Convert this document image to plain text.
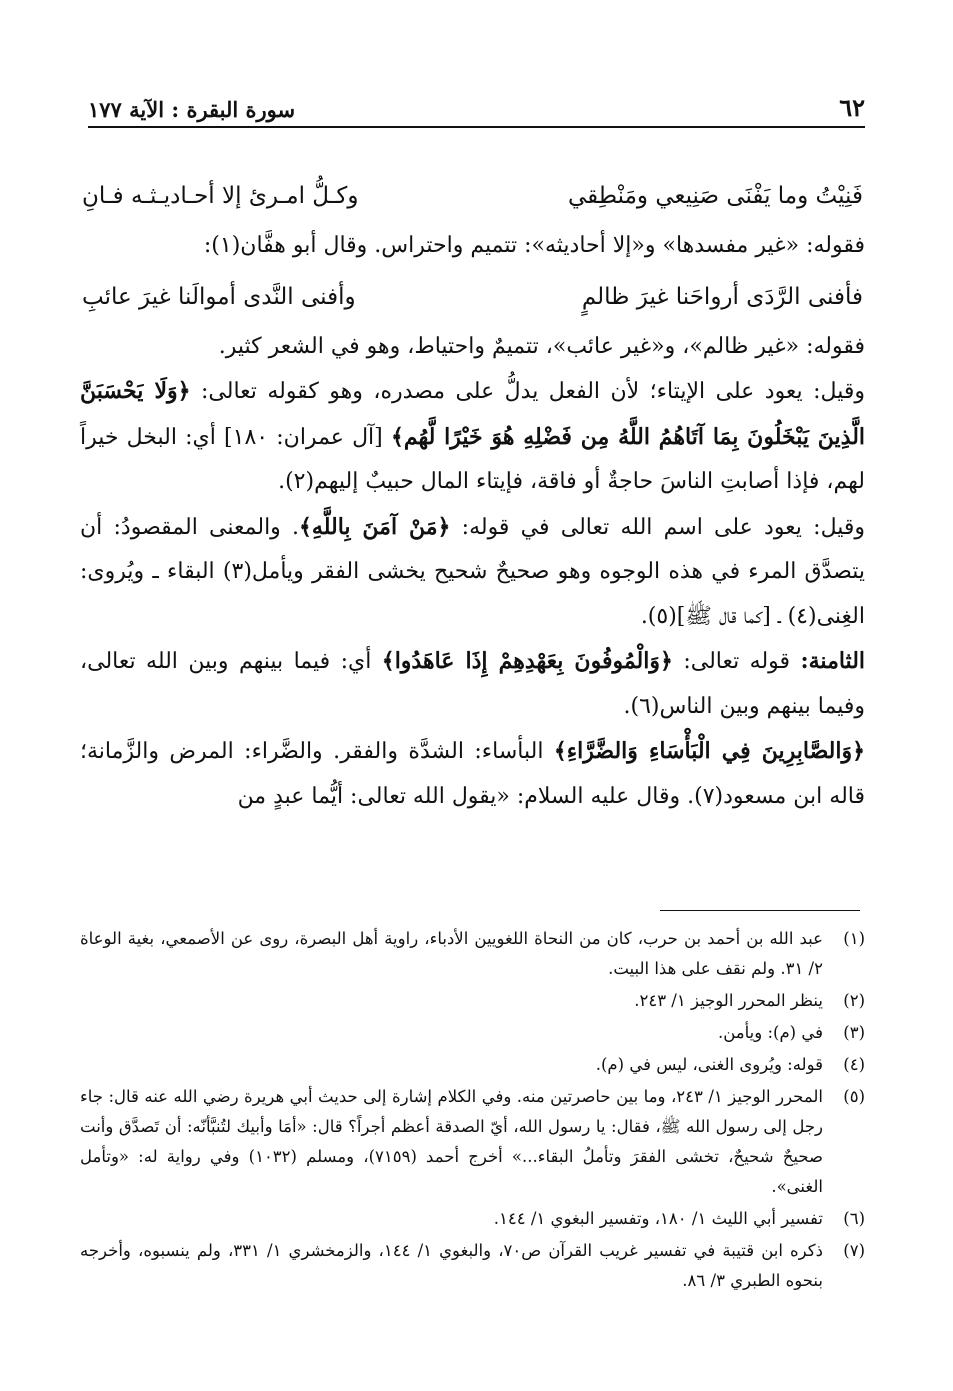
٦٢
سورة البقرة : الآية ١٧٧
فَنِيْتُ وما يَفْنَى صَنِيعي ومَنْطِقي
وكـلُّ امـرئ إلا أحـاديـثـه فـانِ

فقوله: «غير مفسدها» و«إلا أحاديثه»: تتميم واحتراس. وقال أبو هفَّان(١):

فأفنى الرَّدَى أرواحَنا غيرَ ظالمٍ
وأفنى النَّدى أموالَنا غيرَ عائبِ

فقوله: «غير ظالم»، و«غير عائب»، تتميمٌ واحتياط، وهو في الشعر كثير.

وقيل: يعود على الإيتاء؛ لأن الفعل يدلُّ على مصدره، وهو كقوله تعالى: ﴿وَلَا يَحْسَبَنَّ الَّذِينَ يَبْخَلُونَ بِمَا آتَاهُمُ اللَّهُ مِن فَضْلِهِ هُوَ خَيْرًا لَّهُم﴾ [آل عمران: ١٨٠] أي: البخل خيراً لهم، فإذا أصابتِ الناسَ حاجةٌ أو فاقة، فإيتاء المال حبيبٌ إليهم(٢).

وقيل: يعود على اسم الله تعالى في قوله: ﴿مَنْ آمَنَ بِاللَّهِ﴾. والمعنى المقصودُ: أن يتصدَّق المرء في هذه الوجوه وهو صحيحٌ شحيح يخشى الفقر ويأمل(٣) البقاء ـ ويُروى: الغِنى(٤) ـ [كما قال ﷺ](٥).

الثامنة: قوله تعالى: ﴿وَالْمُوفُونَ بِعَهْدِهِمْ إِذَا عَاهَدُوا﴾ أي: فيما بينهم وبين الله تعالى، وفيما بينهم وبين الناس(٦).

﴿وَالصَّابِرِينَ فِي الْبَأْسَاءِ وَالضَّرَّاءِ﴾ البأساء: الشدَّة والفقر. والضَّراء: المرض والزَّمانة؛ قاله ابن مسعود(٧). وقال عليه السلام: «يقول الله تعالى: أيُّما عبدٍ من

(١)
عبد الله بن أحمد بن حرب، كان من النحاة اللغويين الأدباء، راوية أهل البصرة، روى عن الأصمعي، بغية الوعاة ٢/ ٣١. ولم نقف على هذا البيت.
(٢)
ينظر المحرر الوجيز ١/ ٢٤٣.
(٣)
في (م): ويأمن.
(٤)
قوله: ويُروى الغنى، ليس في (م).
(٥)
المحرر الوجيز ١/ ٢٤٣، وما بين حاصرتين منه. وفي الكلام إشارة إلى حديث أبي هريرة رضي الله عنه قال: جاء رجل إلى رسول الله ﷺ، فقال: يا رسول الله، أيّ الصدقة أعظم أجراً؟ قال: «أمَا وأبيك لتُنبَّأنّه: أن تَصدَّق وأنت صحيحٌ شحيحٌ، تخشى الفقرَ وتأملُ البقاء...» أخرج أحمد (٧١٥٩)، ومسلم (١٠٣٢) وفي رواية له: «وتأمل الغنى».
(٦)
تفسير أبي الليث ١/ ١٨٠، وتفسير البغوي ١/ ١٤٤.
(٧)
ذكره ابن قتيبة في تفسير غريب القرآن ص٧٠، والبغوي ١/ ١٤٤، والزمخشري ١/ ٣٣١، ولم ينسبوه، وأخرجه بنحوه الطبري ٣/ ٨٦.
